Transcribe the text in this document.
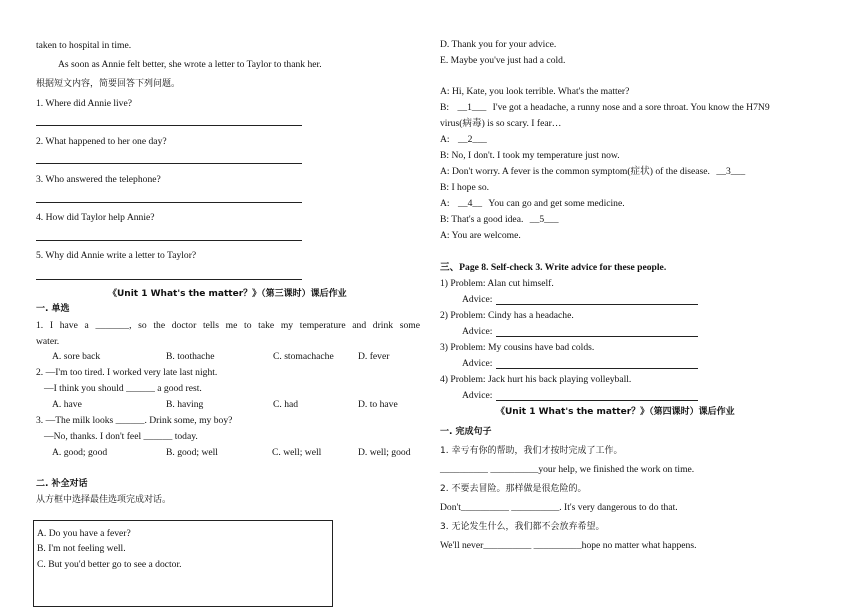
taken to hospital in time.
As soon as Annie felt better, she wrote a letter to Taylor to thank her.
根据短文内容，简要回答下列问题。
1. Where did Annie live?
2. What happened to her one day?
3. Who answered the telephone?
4. How did Taylor help Annie?
5. Why did Annie write a letter to Taylor?
《Unit 1 What's the matter？》（第三课时）课后作业
一. 单选
1. I have a _______, so the doctor tells me to take my temperature and drink some
water.
A. sore back	B. toothache	C. stomachache	D. fever
2. —I'm too tired. I worked very late last night.
—I think you should ______ a good rest.
A. have	B. having	C. had	D. to have
3. —The milk looks ______. Drink some, my boy?
—No, thanks. I don't feel ______ today.
A. good; good	B. good; well	C. well; well	D. well; good
二. 补全对话
从方框中选择最佳选项完成对话。
A. Do you have a fever?
B. I'm not feeling well.
C. But you'd better go to see a doctor.
D. Thank you for your advice.
E. Maybe you've just had a cold.
A: Hi, Kate, you look terrible. What's the matter?
B: __1___ I've got a headache, a runny nose and a sore throat. You know the H7N9
virus(病毒) is so scary. I fear…
A: __2___
B: No, I don't. I took my temperature just now.
A: Don't worry. A fever is the common symptom(症状) of the disease. __3___
B: I hope so.
A: __4__ You can go and get some medicine.
B: That's a good idea. __5___
A: You are welcome.
三、Page 8. Self-check 3. Write advice for these people.
1) Problem: Alan cut himself.
Advice:
2) Problem: Cindy has a headache.
Advice:
3) Problem: My cousins have bad colds.
Advice:
4) Problem: Jack hurt his back playing volleyball.
Advice:
《Unit 1 What's the matter？》（第四课时）课后作业
一. 完成句子
1. 幸亏有你的帮助，我们才按时完成了工作。
__________ __________your help, we finished the work on time.
2. 不要去冒险。那样做是很危险的。
Don't__________ __________. It's very dangerous to do that.
3. 无论发生什么，我们都不会放弃希望。
We'll never__________ __________hope no matter what happens.
